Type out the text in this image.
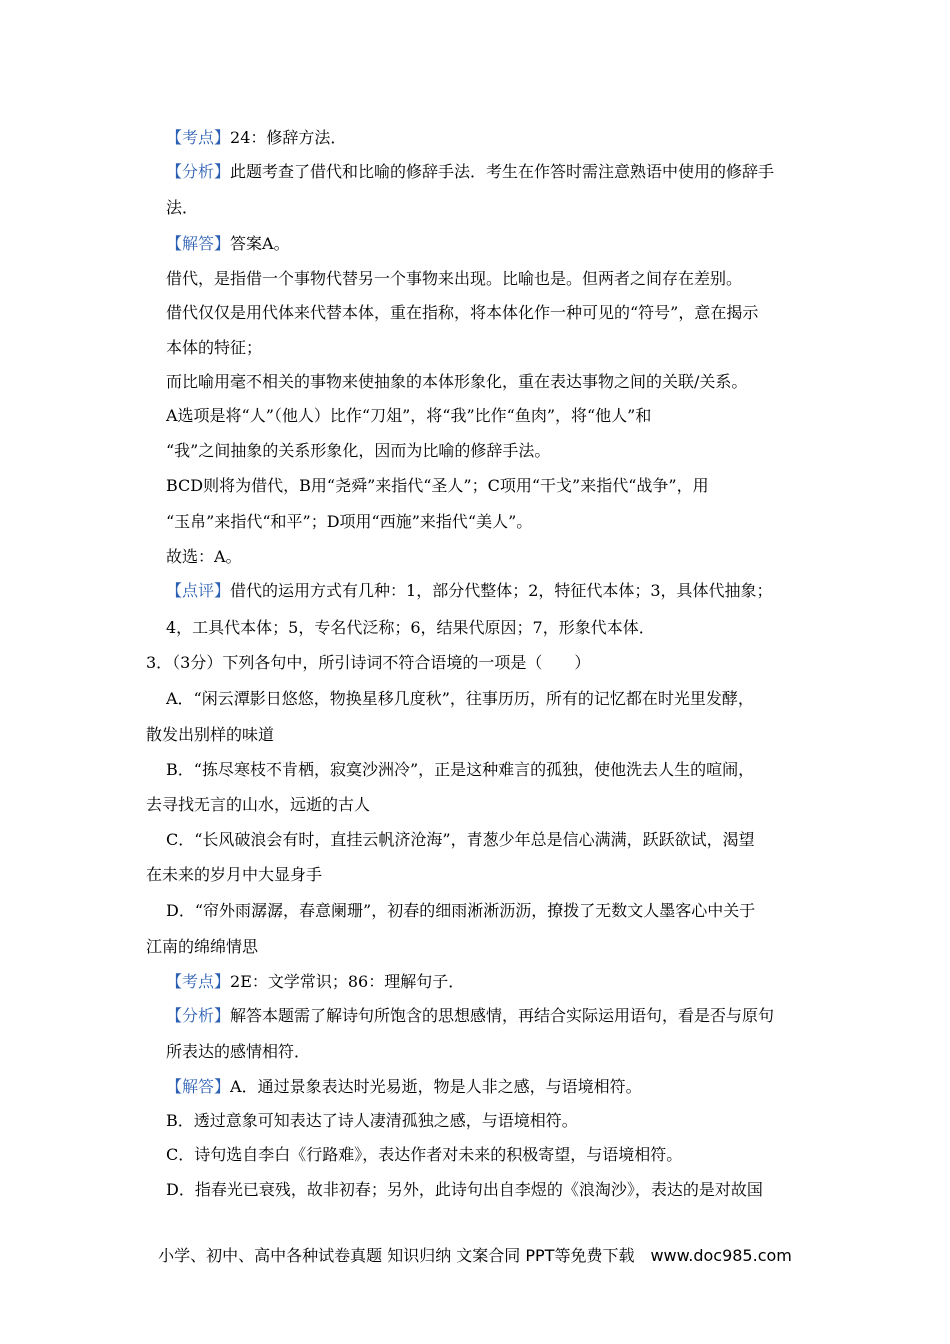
【考点】24：修辞方法．
【分析】此题考查了借代和比喻的修辞手法．考生在作答时需注意熟语中使用的修辞手
法．
【解答】答案A。
借代，是指借一个事物代替另一个事物来出现。比喻也是。但两者之间存在差别。
借代仅仅是用代体来代替本体，重在指称，将本体化作一种可见的“符号”，意在揭示
本体的特征；
而比喻用毫不相关的事物来使抽象的本体形象化，重在表达事物之间的关联/关系。
A选项是将“人”（他人）比作“刀俎”，将“我”比作“鱼肉”，将“他人”和
“我”之间抽象的关系形象化，因而为比喻的修辞手法。
BCD则将为借代，B用“尧舜”来指代“圣人”；C项用“干戈”来指代“战争”，用
“玉帛”来指代“和平”；D项用“西施”来指代“美人”。
故选：A。
【点评】借代的运用方式有几种：1，部分代整体；2，特征代本体；3，具体代抽象；
4，工具代本体；5，专名代泛称；6，结果代原因；7，形象代本体．
3．（3分）下列各句中，所引诗词不符合语境的一项是（　　）
A．“闲云潭影日悠悠，物换星移几度秋”，往事历历，所有的记忆都在时光里发酵，
散发出别样的味道
B．“拣尽寒枝不肯栖，寂寞沙洲冷”，正是这种难言的孤独，使他洗去人生的喧闹，
去寻找无言的山水，远逝的古人
C．“长风破浪会有时，直挂云帆济沧海”，青葱少年总是信心满满，跃跃欲试，渴望
在未来的岁月中大显身手
D．“帘外雨潺潺，春意阑珊”，初春的细雨淅淅沥沥，撩拨了无数文人墨客心中关于
江南的绵绵情思
【考点】2E：文学常识；86：理解句子．
【分析】解答本题需了解诗句所饱含的思想感情，再结合实际运用语句，看是否与原句
所表达的感情相符．
【解答】A．通过景象表达时光易逝，物是人非之感，与语境相符。
B．透过意象可知表达了诗人凄清孤独之感，与语境相符。
C．诗句选自李白《行路难》，表达作者对未来的积极寄望，与语境相符。
D．指春光已衰残，故非初春；另外，此诗句出自李煜的《浪淘沙》，表达的是对故国
小学、初中、高中各种试卷真题 知识归纳 文案合同 PPT等免费下载　www.doc985.com
